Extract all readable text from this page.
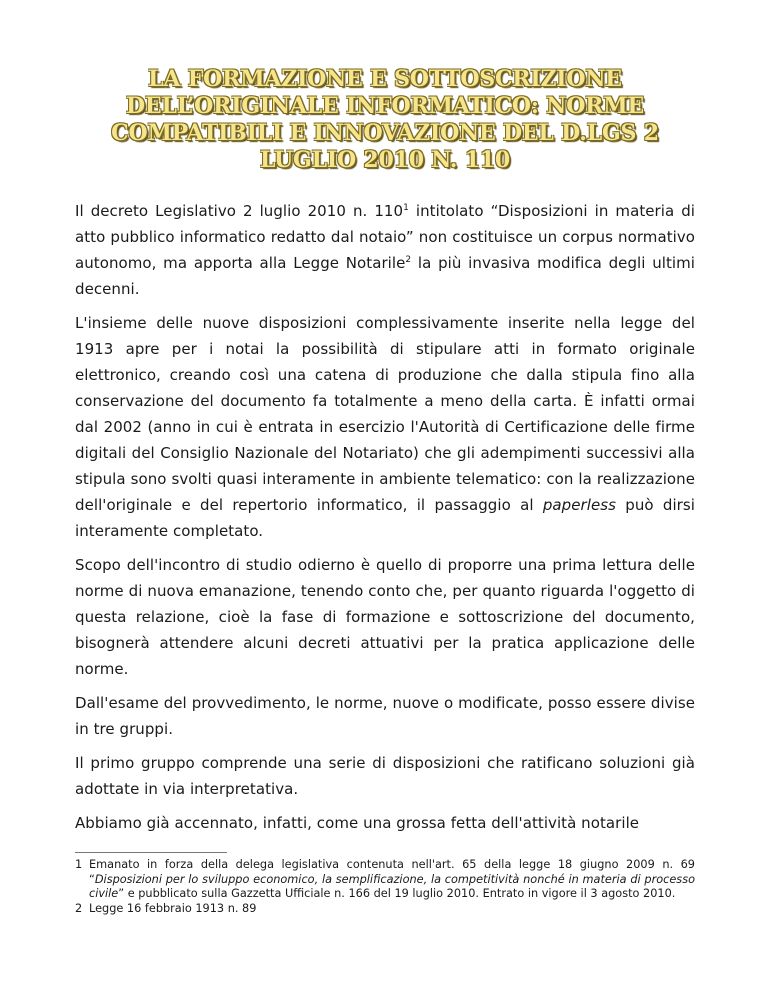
LA FORMAZIONE E SOTTOSCRIZIONE
DELL’ORIGINALE INFORMATICO: NORME
COMPATIBILI E INNOVAZIONE DEL D.LGS 2
LUGLIO 2010 N. 110

Il decreto Legislativo 2 luglio 2010 n. $110^1$ intitolato “Disposizioni in materia di atto pubblico informatico redatto dal notaio” non costituisce un corpus normativo autonomo, ma apporta alla Legge Notarile$^2$ la più invasiva modifica degli ultimi decenni.

L'insieme delle nuove disposizioni complessivamente inserite nella legge del 1913 apre per i notai la possibilità di stipulare atti in formato originale elettronico, creando così una catena di produzione che dalla stipula fino alla conservazione del documento fa totalmente a meno della carta. È infatti ormai dal 2002 (anno in cui è entrata in esercizio l'Autorità di Certificazione delle firme digitali del Consiglio Nazionale del Notariato) che gli adempimenti successivi alla stipula sono svolti quasi interamente in ambiente telematico: con la realizzazione dell'originale e del repertorio informatico, il passaggio al paperless può dirsi interamente completato.

Scopo dell'incontro di studio odierno è quello di proporre una prima lettura delle norme di nuova emanazione, tenendo conto che, per quanto riguarda l'oggetto di questa relazione, cioè la fase di formazione e sottoscrizione del documento, bisognerà attendere alcuni decreti attuativi per la pratica applicazione delle norme.

Dall'esame del provvedimento, le norme, nuove o modificate, posso essere divise in tre gruppi.

Il primo gruppo comprende una serie di disposizioni che ratificano soluzioni già adottate in via interpretativa.

Abbiamo già accennato, infatti, come una grossa fetta dell'attività notarile

1 Emanato in forza della delega legislativa contenuta nell'art. 65 della legge 18 giugno 2009 n. 69 “Disposizioni per lo sviluppo economico, la semplificazione, la competitività nonché in materia di processo civile” e pubblicato sulla Gazzetta Ufficiale n. 166 del 19 luglio 2010. Entrato in vigore il 3 agosto 2010.
2 Legge 16 febbraio 1913 n. 89
